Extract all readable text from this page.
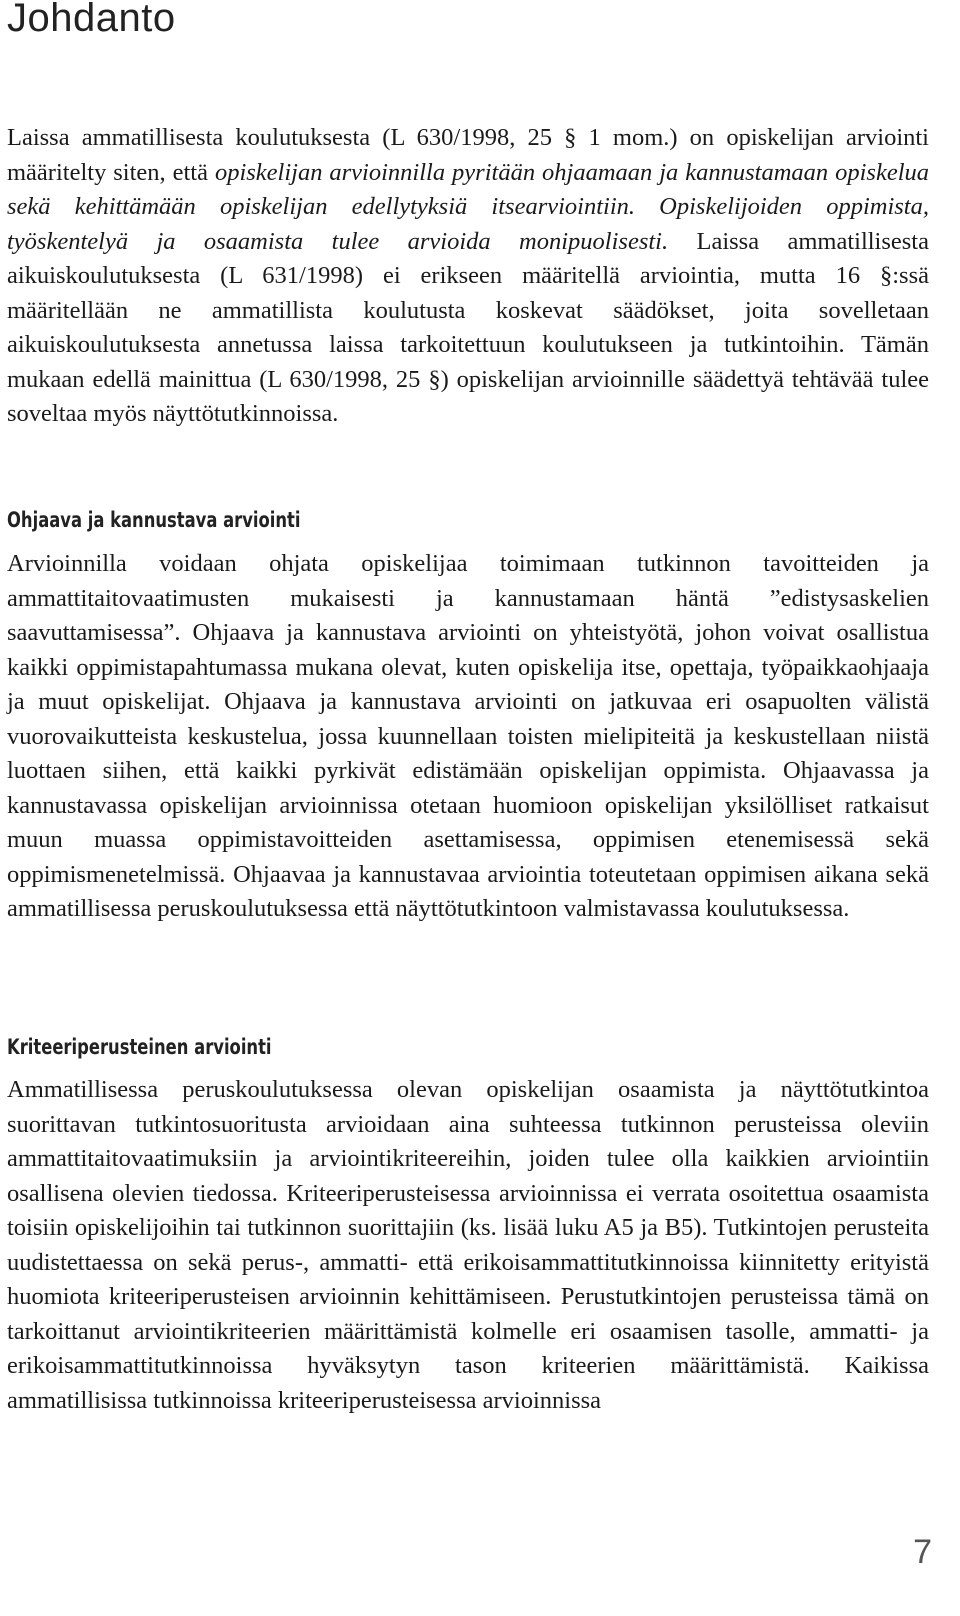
Johdanto

Laissa ammatillisesta koulutuksesta (L 630/1998, 25 § 1 mom.) on opiskelijan arviointi määritelty siten, että opiskelijan arvioinnilla pyritään ohjaamaan ja kannustamaan opiskelua sekä kehittämään opiskelijan edellytyksiä itsearviointiin. Opiskelijoiden oppimista, työskentelyä ja osaamista tulee arvioida monipuolisesti. Laissa ammatillisesta aikuiskoulutuksesta (L 631/1998) ei erikseen määritellä arviointia, mutta 16 §:ssä määritellään ne ammatillista koulutusta koskevat säädökset, joita sovelletaan aikuiskoulutuksesta annetussa laissa tarkoitettuun koulutukseen ja tutkintoihin. Tämän mukaan edellä mainittua (L 630/1998, 25 §) opiskelijan arvioinnille säädettyä tehtävää tulee soveltaa myös näyttötutkinnoissa.

Ohjaava ja kannustava arviointi

Arvioinnilla voidaan ohjata opiskelijaa toimimaan tutkinnon tavoitteiden ja ammattitaitovaatimusten mukaisesti ja kannustamaan häntä ”edistysaskelien saavuttamisessa”. Ohjaava ja kannustava arviointi on yhteistyötä, johon voivat osallistua kaikki oppimistapahtumassa mukana olevat, kuten opiskelija itse, opettaja, työpaikkaohjaaja ja muut opiskelijat. Ohjaava ja kannustava arviointi on jatkuvaa eri osapuolten välistä vuorovaikutteista keskustelua, jossa kuunnellaan toisten mielipiteitä ja keskustellaan niistä luottaen siihen, että kaikki pyrkivät edistämään opiskelijan oppimista. Ohjaavassa ja kannustavassa opiskelijan arvioinnissa otetaan huomioon opiskelijan yksilölliset ratkaisut muun muassa oppimistavoitteiden asettamisessa, oppimisen etenemisessä sekä oppimismenetelmissä. Ohjaavaa ja kannustavaa arviointia toteutetaan oppimisen aikana sekä ammatillisessa peruskoulutuksessa että näyttötutkintoon valmistavassa koulutuksessa.

Kriteeriperusteinen arviointi

Ammatillisessa peruskoulutuksessa olevan opiskelijan osaamista ja näyttötutkintoa suorittavan tutkintosuoritusta arvioidaan aina suhteessa tutkinnon perusteissa oleviin ammattitaitovaatimuksiin ja arviointikriteereihin, joiden tulee olla kaikkien arviointiin osallisena olevien tiedossa. Kriteeriperusteisessa arvioinnissa ei verrata osoitettua osaamista toisiin opiskelijoihin tai tutkinnon suorittajiin (ks. lisää luku A5 ja B5). Tutkintojen perusteita uudistettaessa on sekä perus-, ammatti- että erikoisammattitutkinnoissa kiinnitetty erityistä huomiota kriteeriperusteisen arvioinnin kehittämiseen. Perustutkintojen perusteissa tämä on tarkoittanut arviointikriteerien määrittämistä kolmelle eri osaamisen tasolle, ammatti- ja erikoisammattitutkinnoissa hyväksytyn tason kriteerien määrittämistä. Kaikissa ammatillisissa tutkinnoissa kriteeriperusteisessa arvioinnissa

7
